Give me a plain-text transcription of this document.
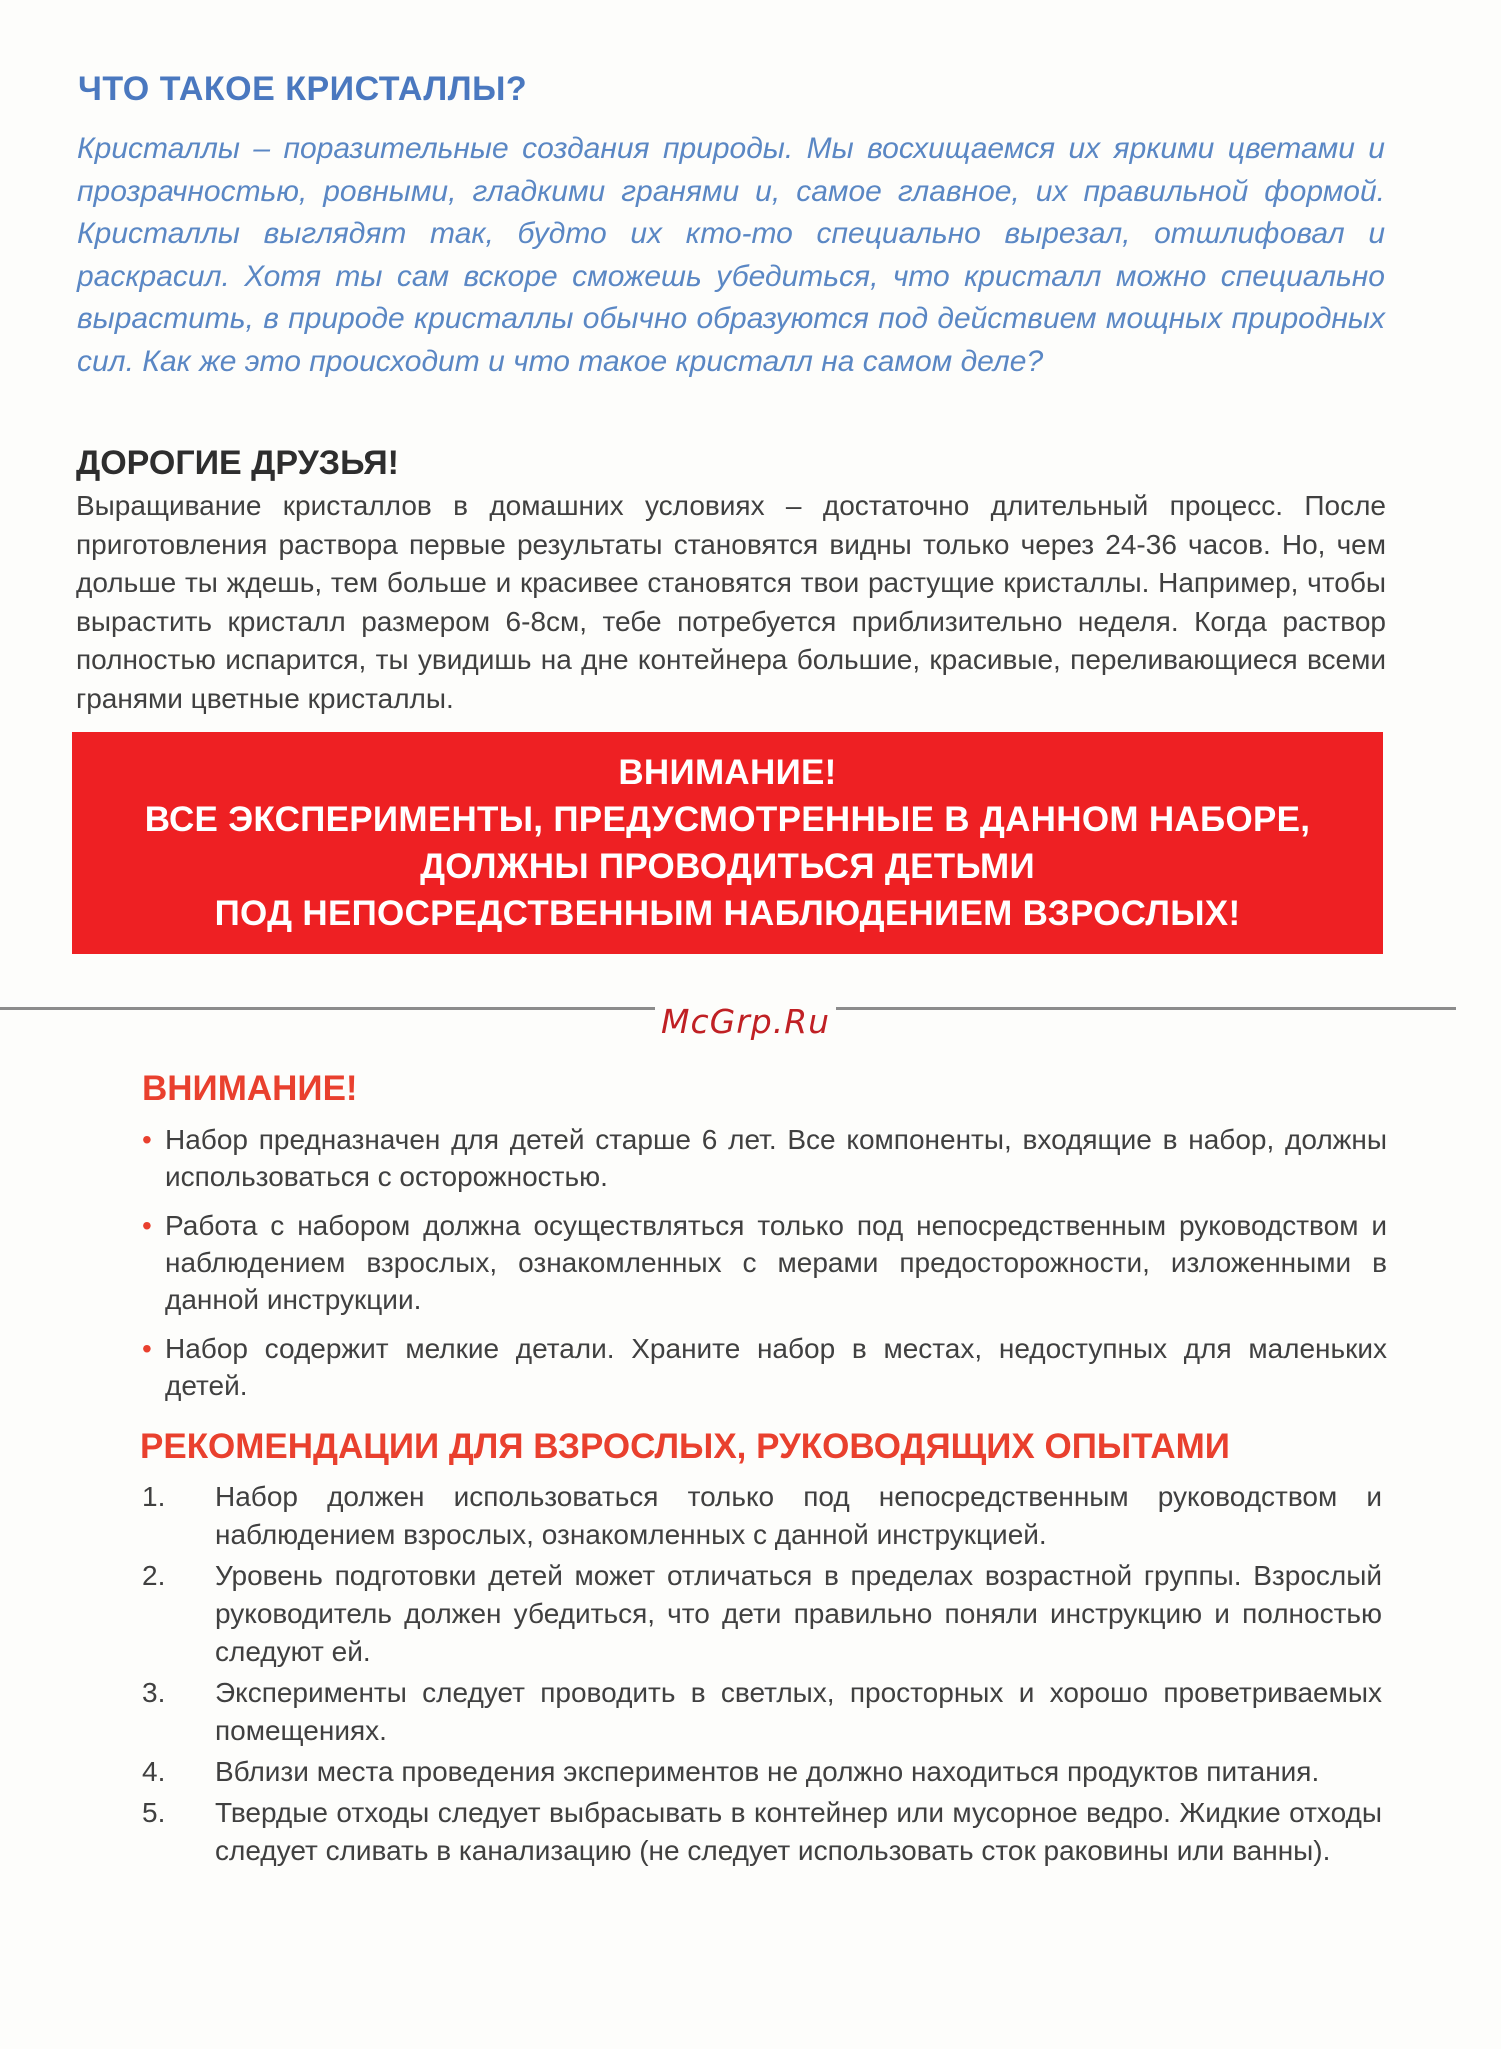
ЧТО ТАКОЕ КРИСТАЛЛЫ?

Кристаллы – поразительные создания природы. Мы восхищаемся их яркими цветами и прозрачностью, ровными, гладкими гранями и, самое главное, их правильной формой. Кристаллы выглядят так, будто их кто-то специально вырезал, отшлифовал и раскрасил. Хотя ты сам вскоре сможешь убедиться, что кристалл можно специально вырастить, в природе кристаллы обычно образуются под действием мощных природных сил. Как же это происходит и что такое кристалл на самом деле?

ДОРОГИЕ ДРУЗЬЯ!

Выращивание кристаллов в домашних условиях – достаточно длительный процесс. После приготовления раствора первые результаты становятся видны только через 24-36 часов. Но, чем дольше ты ждешь, тем больше и красивее становятся твои растущие кристаллы. Например, чтобы вырастить кристалл размером 6-8см, тебе потребуется приблизительно неделя. Когда раствор полностью испарится, ты увидишь на дне контейнера большие, красивые, переливающиеся всеми гранями цветные кристаллы.

ВНИМАНИЕ!
ВСЕ ЭКСПЕРИМЕНТЫ, ПРЕДУСМОТРЕННЫЕ В ДАННОМ НАБОРЕ,
ДОЛЖНЫ ПРОВОДИТЬСЯ ДЕТЬМИ
ПОД НЕПОСРЕДСТВЕННЫМ НАБЛЮДЕНИЕМ ВЗРОСЛЫХ!
McGrp.Ru
ВНИМАНИЕ!
• Набор предназначен для детей старше 6 лет. Все компоненты, входящие в набор, должны использоваться с осторожностью.
• Работа с набором должна осуществляться только под непосредственным руководством и наблюдением взрослых, ознакомленных с мерами предосторожности, изложенными в данной инструкции.
• Набор содержит мелкие детали. Храните набор в местах, недоступных для маленьких детей.
РЕКОМЕНДАЦИИ ДЛЯ ВЗРОСЛЫХ, РУКОВОДЯЩИХ ОПЫТАМИ
1. Набор должен использоваться только под непосредственным руководством и наблюдением взрослых, ознакомленных с данной инструкцией.
2. Уровень подготовки детей может отличаться в пределах возрастной группы. Взрослый руководитель должен убедиться, что дети правильно поняли инструкцию и полностью следуют ей.
3. Эксперименты следует проводить в светлых, просторных и хорошо проветриваемых помещениях.
4. Вблизи места проведения экспериментов не должно находиться продуктов питания.
5. Твердые отходы следует выбрасывать в контейнер или мусорное ведро. Жидкие отходы следует сливать в канализацию (не следует использовать сток раковины или ванны).
